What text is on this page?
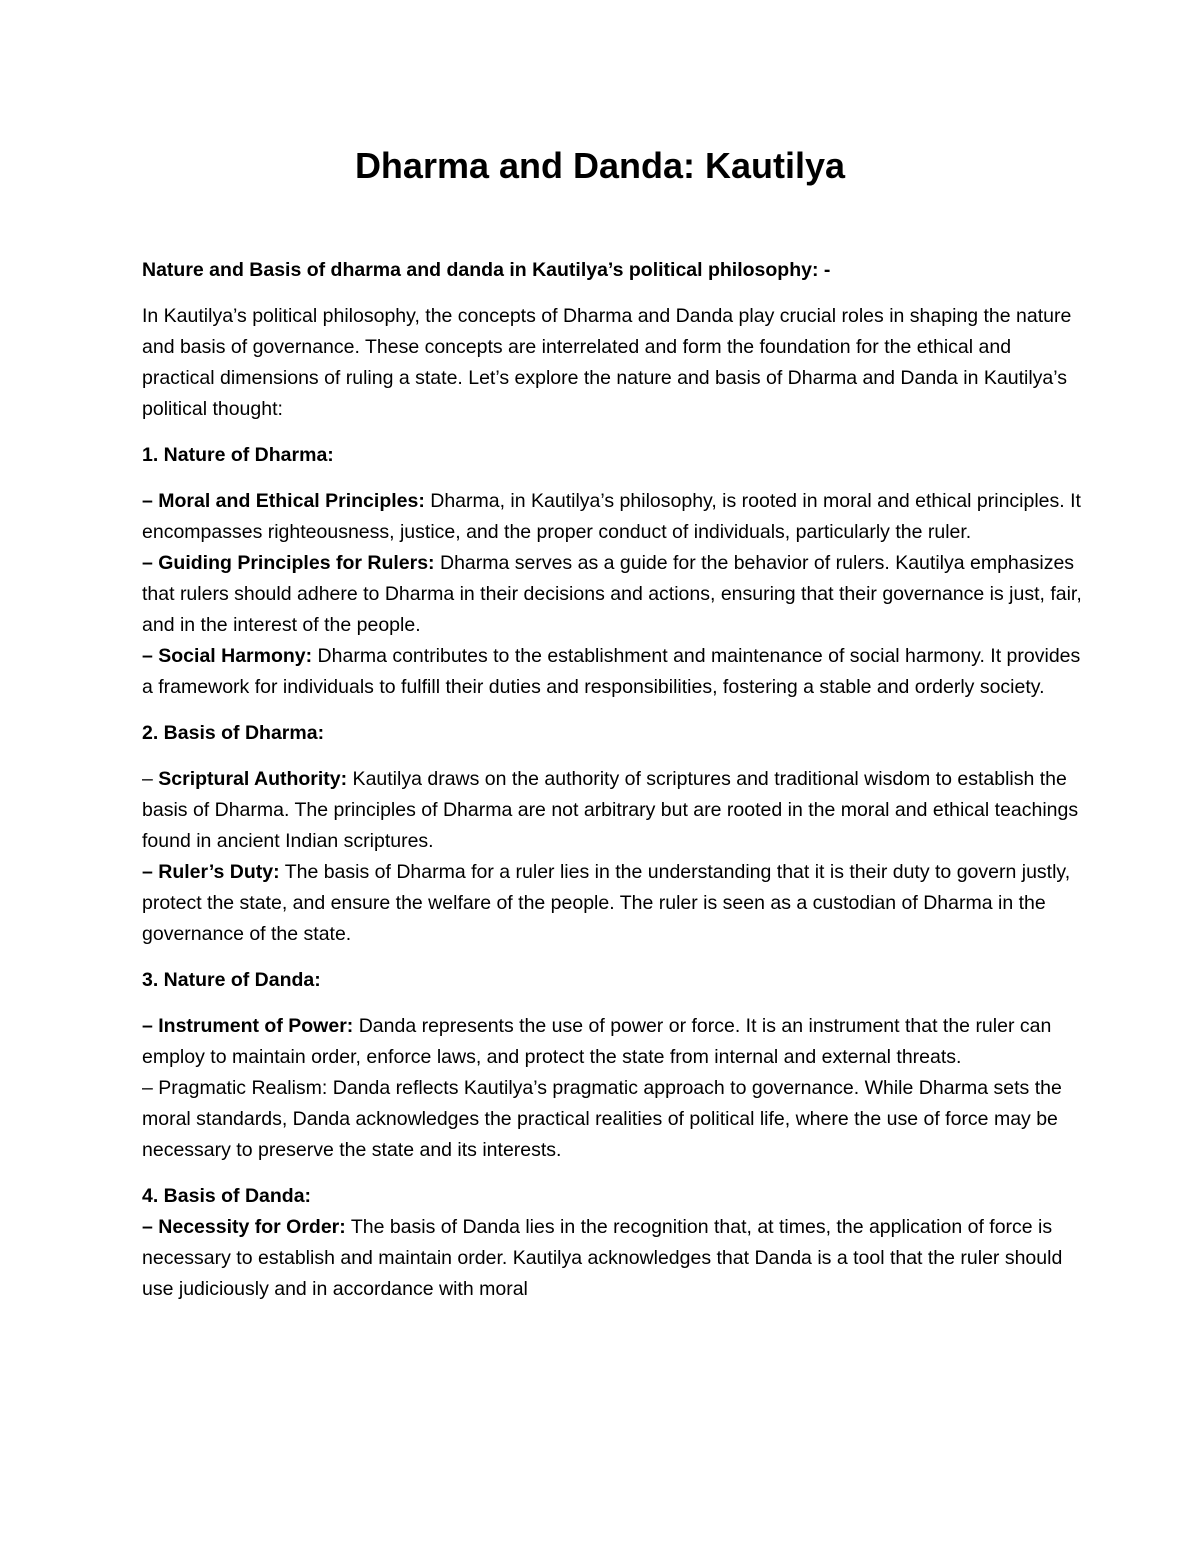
Dharma and Danda: Kautilya

Nature and Basis of dharma and danda in Kautilya’s political philosophy: -

In Kautilya’s political philosophy, the concepts of Dharma and Danda play crucial roles in shaping the nature and basis of governance. These concepts are interrelated and form the foundation for the ethical and practical dimensions of ruling a state. Let’s explore the nature and basis of Dharma and Danda in Kautilya’s political thought:

1. Nature of Dharma:

– Moral and Ethical Principles: Dharma, in Kautilya’s philosophy, is rooted in moral and ethical principles. It encompasses righteousness, justice, and the proper conduct of individuals, particularly the ruler.

– Guiding Principles for Rulers: Dharma serves as a guide for the behavior of rulers. Kautilya emphasizes that rulers should adhere to Dharma in their decisions and actions, ensuring that their governance is just, fair, and in the interest of the people.

– Social Harmony: Dharma contributes to the establishment and maintenance of social harmony. It provides a framework for individuals to fulfill their duties and responsibilities, fostering a stable and orderly society.

2. Basis of Dharma:

– Scriptural Authority: Kautilya draws on the authority of scriptures and traditional wisdom to establish the basis of Dharma. The principles of Dharma are not arbitrary but are rooted in the moral and ethical teachings found in ancient Indian scriptures.

– Ruler’s Duty: The basis of Dharma for a ruler lies in the understanding that it is their duty to govern justly, protect the state, and ensure the welfare of the people. The ruler is seen as a custodian of Dharma in the governance of the state.

3. Nature of Danda:

– Instrument of Power: Danda represents the use of power or force. It is an instrument that the ruler can employ to maintain order, enforce laws, and protect the state from internal and external threats.

– Pragmatic Realism: Danda reflects Kautilya’s pragmatic approach to governance. While Dharma sets the moral standards, Danda acknowledges the practical realities of political life, where the use of force may be necessary to preserve the state and its interests.

4. Basis of Danda:

– Necessity for Order: The basis of Danda lies in the recognition that, at times, the application of force is necessary to establish and maintain order. Kautilya acknowledges that Danda is a tool that the ruler should use judiciously and in accordance with moral
